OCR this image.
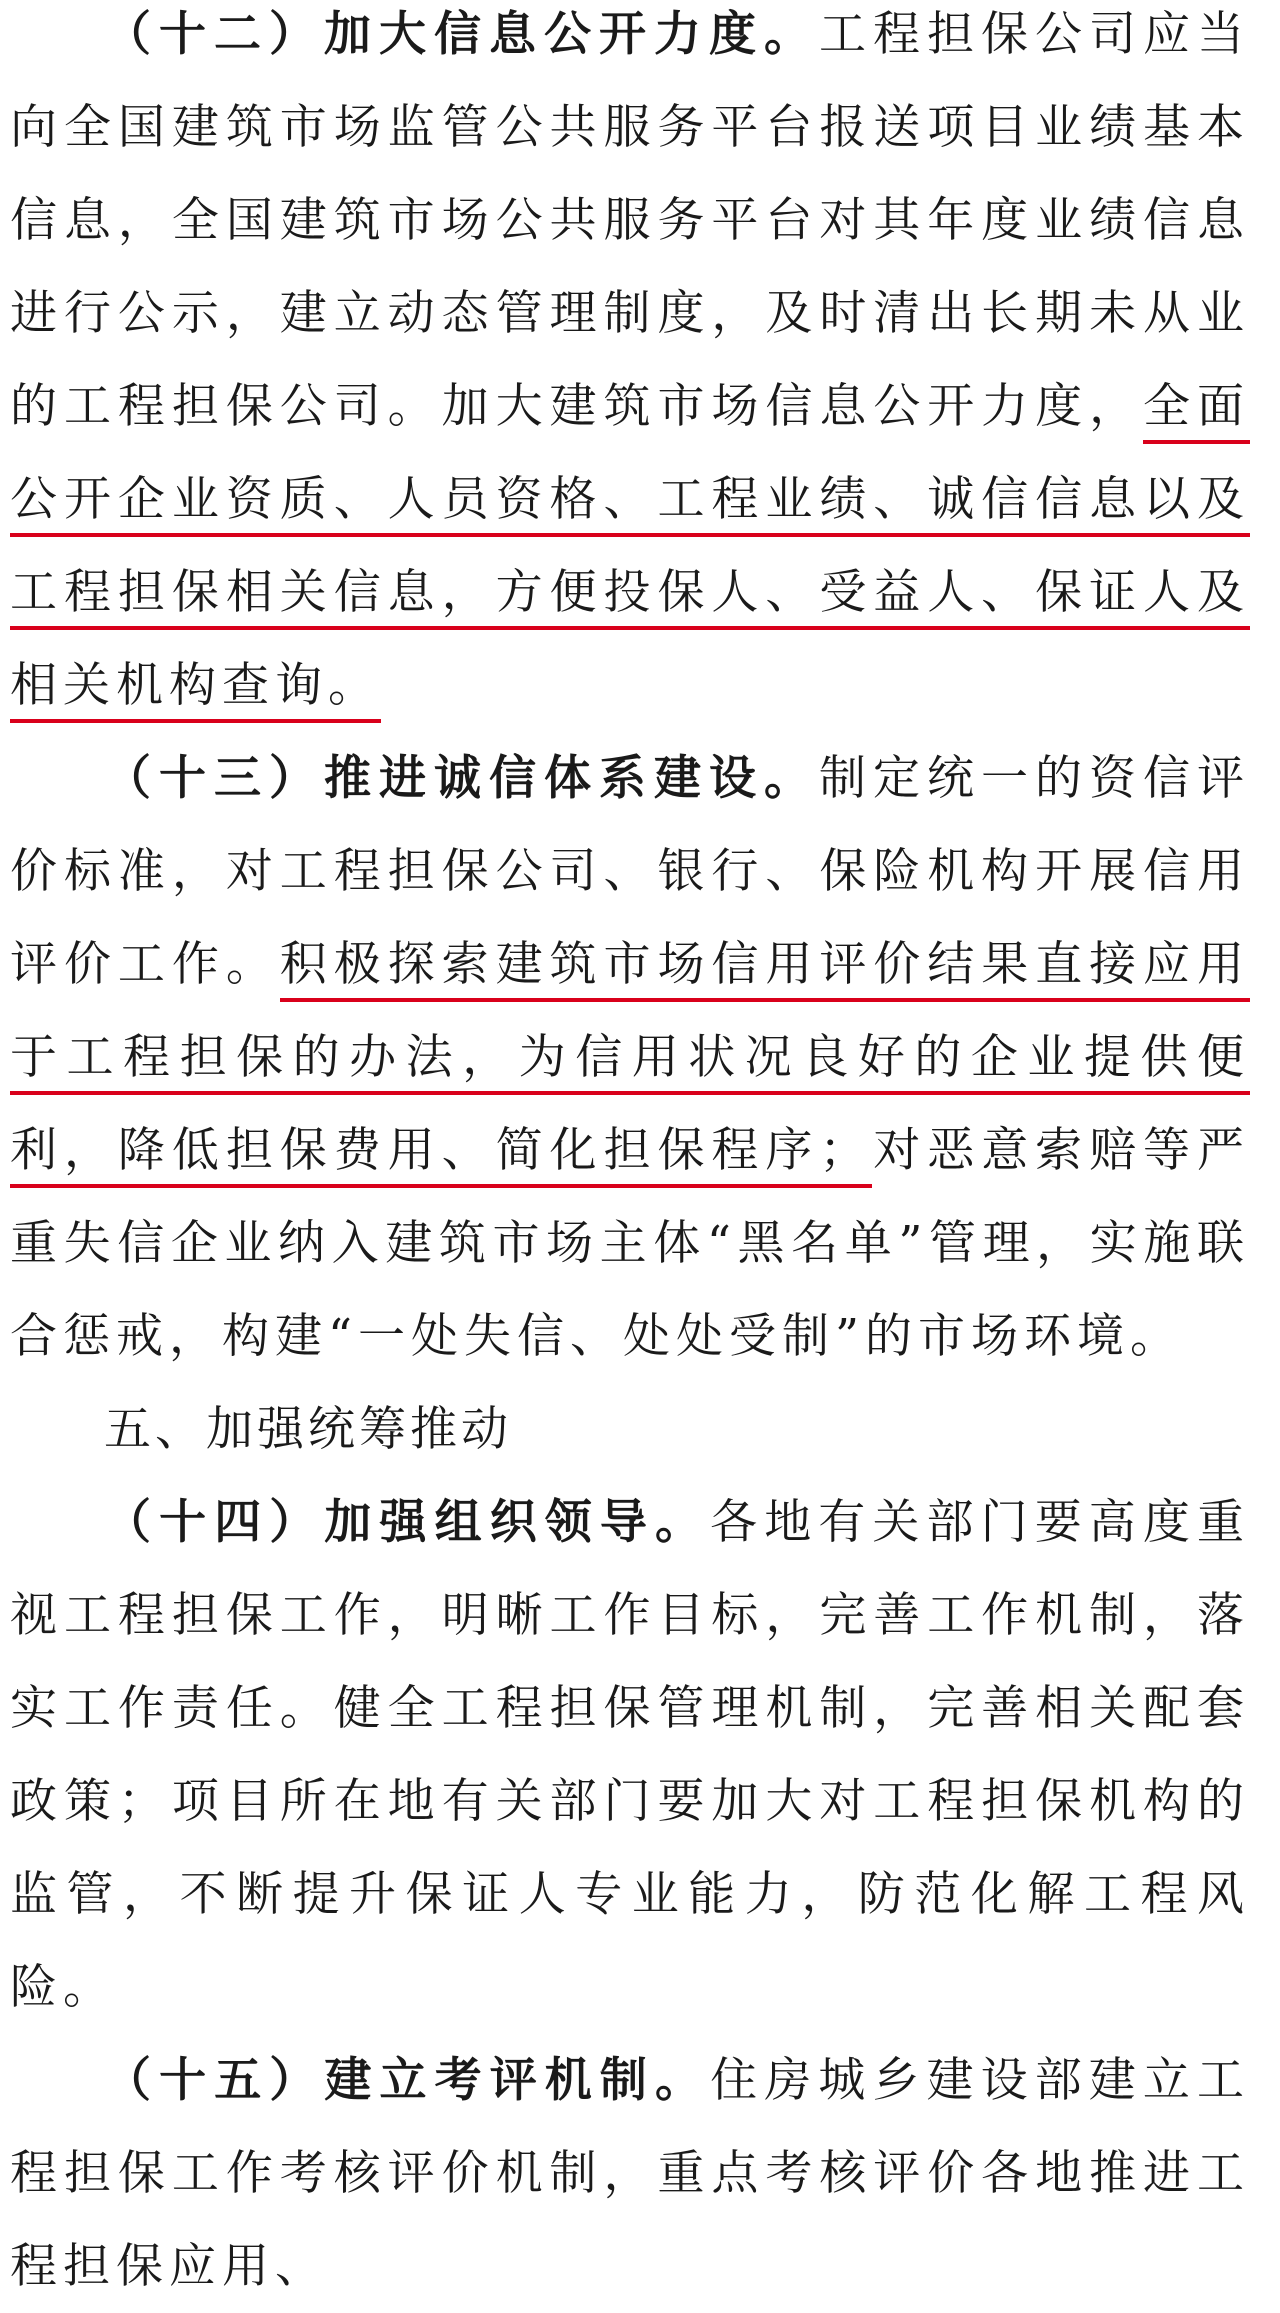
（十二）加大信息公开力度。工程担保公司应当向全国建筑市场监管公共服务平台报送项目业绩基本信息，全国建筑市场公共服务平台对其年度业绩信息进行公示，建立动态管理制度，及时清出长期未从业的工程担保公司。加大建筑市场信息公开力度，全面公开企业资质、人员资格、工程业绩、诚信信息以及工程担保相关信息，方便投保人、受益人、保证人及相关机构查询。

（十三）推进诚信体系建设。制定统一的资信评价标准，对工程担保公司、银行、保险机构开展信用评价工作。积极探索建筑市场信用评价结果直接应用于工程担保的办法，为信用状况良好的企业提供便利，降低担保费用、简化担保程序；对恶意索赔等严重失信企业纳入建筑市场主体“黑名单”管理，实施联合惩戒，构建“一处失信、处处受制”的市场环境。

五、加强统筹推动

（十四）加强组织领导。各地有关部门要高度重视工程担保工作，明晰工作目标，完善工作机制，落实工作责任。健全工程担保管理机制，完善相关配套政策；项目所在地有关部门要加大对工程担保机构的监管，不断提升保证人专业能力，防范化解工程风险。

（十五）建立考评机制。住房城乡建设部建立工程担保工作考核评价机制，重点考核评价各地推进工程担保应用、
